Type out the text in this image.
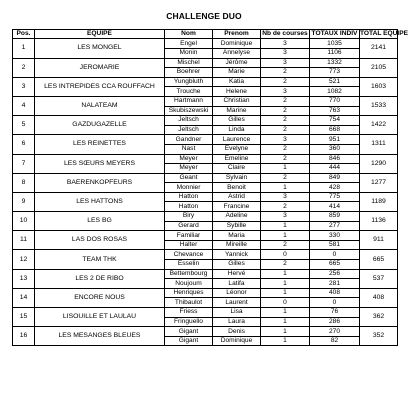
CHALLENGE DUO
Pos.	EQUIPE	Nom	Prenom	Nb de courses	TOTAUX INDIV	TOTAL EQUIPE
1	LES MONGEL	Engel	Dominique	3	1035	2141
		Monin	Annelyse	3	1106	
2	JEROMARIE	Mischel	Jérôme	3	1332	2105
		Boehrer	Marie	2	773	
3	LES INTREPIDES CCA ROUFFACH	Yungbluth	Katia	2	521	1603
		Trouche	Helene	3	1082	
4	NALATEAM	Hartmann	Christian	2	770	1533
		Skubiszewski	Marine	2	763	
5	GAZDUGAZELLE	Jeltsch	Gilles	2	754	1422
		Jeltsch	Linda	2	668	
6	LES REINETTES	Gandner	Laurence	3	951	1311
		Nast	Evelyne	2	360	
7	LES SŒURS MEYERS	Meyer	Emeline	2	846	1290
		Meyer	Claire	1	444	
8	BAERENKOPFEURS	Geant	Sylvain	2	849	1277
		Monnier	Benoit	1	428	
9	LES HATTONS	Hatton	Astrid	3	775	1189
		Hatton	Francine	2	414	
10	LES BG	Biry	Adeline	3	859	1136
		Gerard	Sybille	1	277	
11	LAS DOS ROSAS	Familiar	Maria	1	330	911
		Halter	Mireille	2	581	
12	TEAM THK	Chevance	Yannick	0	0	665
		Esselin	Gilles	2	665	
13	LES 2 DE RIBO	Bettembourg	Hervé	1	256	537
		Noujoum	Latifa	1	281	
14	ENCORE NOUS	Henriques	Léonor	1	408	408
		Thibaulot	Laurent	0	0	
15	LISOUILLE ET LAULAU	Friess	Lisa	1	76	362
		Fringuello	Laura	1	286	
16	LES MESANGES BLEUES	Gigant	Denis	1	270	352
		Gigant	Dominique	1	82	
